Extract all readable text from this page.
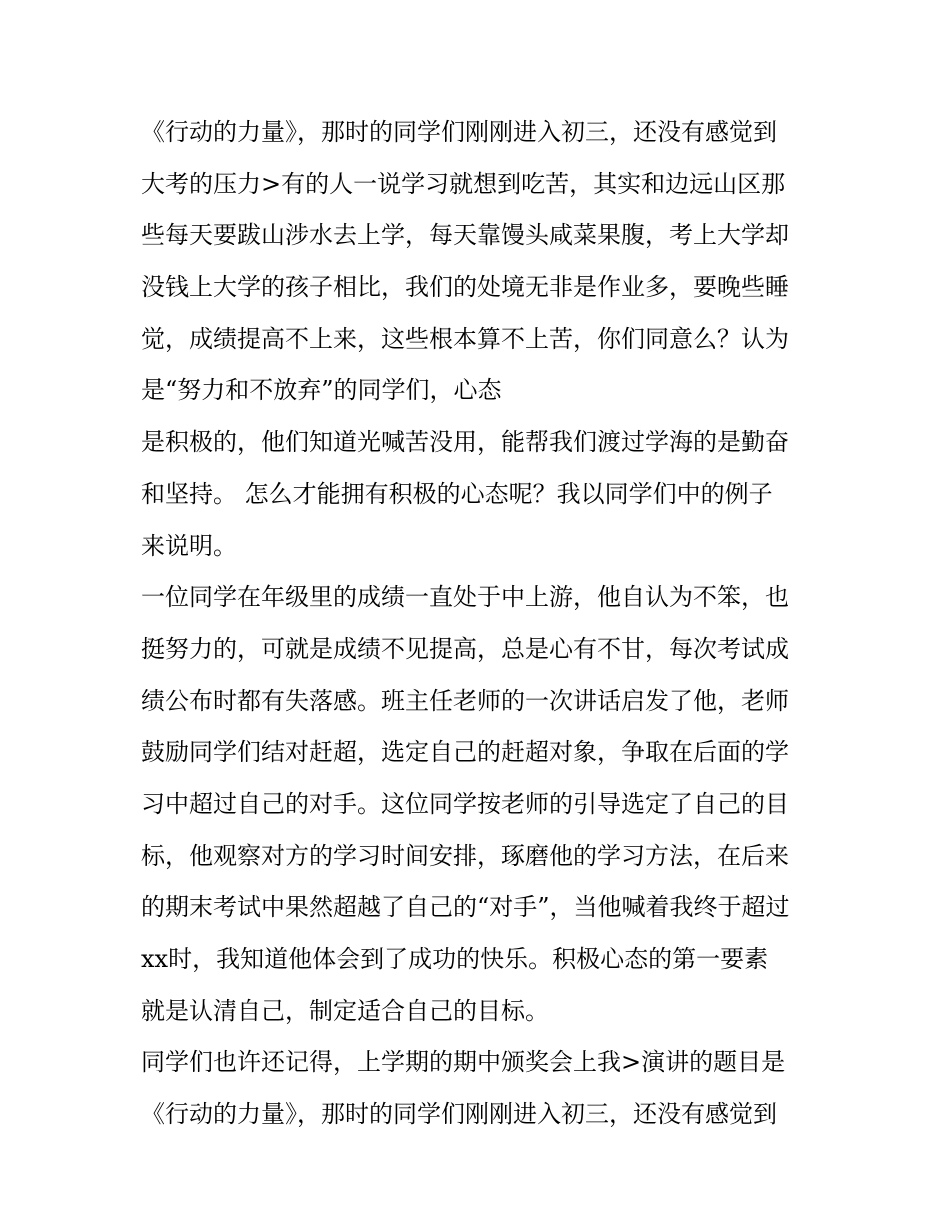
《行动的力量》，那时的同学们刚刚进入初三，还没有感觉到
大考的压力>有的人一说学习就想到吃苦，其实和边远山区那
些每天要跋山涉水去上学，每天靠馒头咸菜果腹，考上大学却
没钱上大学的孩子相比，我们的处境无非是作业多，要晚些睡
觉，成绩提高不上来，这些根本算不上苦，你们同意么？认为
是“努力和不放弃”的同学们，心态
是积极的，他们知道光喊苦没用，能帮我们渡过学海的是勤奋
和坚持。 怎么才能拥有积极的心态呢？我以同学们中的例子
来说明。
一位同学在年级里的成绩一直处于中上游，他自认为不笨，也
挺努力的，可就是成绩不见提高，总是心有不甘，每次考试成
绩公布时都有失落感。班主任老师的一次讲话启发了他，老师
鼓励同学们结对赶超，选定自己的赶超对象，争取在后面的学
习中超过自己的对手。这位同学按老师的引导选定了自己的目
标，他观察对方的学习时间安排，琢磨他的学习方法，在后来
的期末考试中果然超越了自己的“对手”，当他喊着我终于超过
xx时，我知道他体会到了成功的快乐。积极心态的第一要素
就是认清自己，制定适合自己的目标。
同学们也许还记得，上学期的期中颁奖会上我>演讲的题目是
《行动的力量》，那时的同学们刚刚进入初三，还没有感觉到
